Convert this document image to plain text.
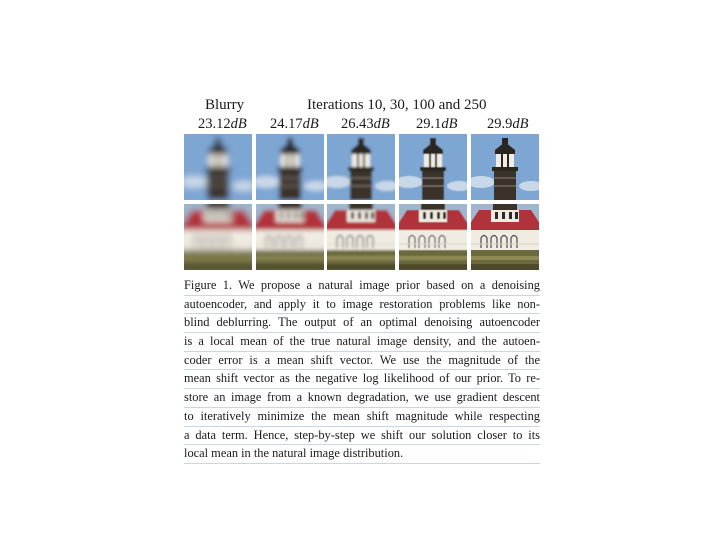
Blurry	Iterations 10, 30, 100 and 250
23.12dB 24.17dB 26.43dB 29.1dB 29.9dB
Figure 1. We propose a natural image prior based on a denoising
autoencoder, and apply it to image restoration problems like non-
blind deblurring. The output of an optimal denoising autoencoder
is a local mean of the true natural image density, and the autoen-
coder error is a mean shift vector. We use the magnitude of the
mean shift vector as the negative log likelihood of our prior. To re-
store an image from a known degradation, we use gradient descent
to iteratively minimize the mean shift magnitude while respecting
a data term. Hence, step-by-step we shift our solution closer to its
local mean in the natural image distribution.
